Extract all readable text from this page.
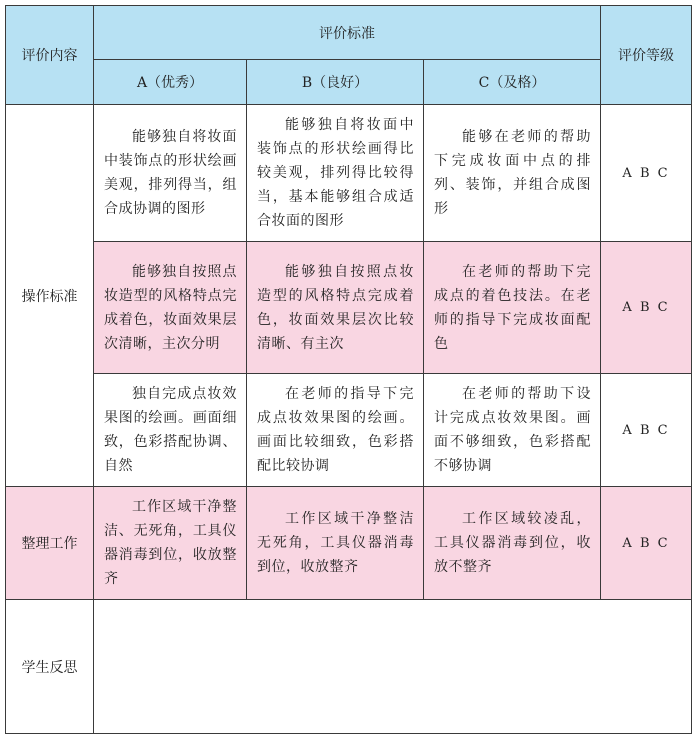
评价内容	评价标准			评价等级
	A（优秀）	B（良好）	C（及格）	
操作标准	能够独自将妆面中装饰点的形状绘画美观，排列得当，组合成协调的图形	能够独自将妆面中装饰点的形状绘画得比较美观，排列得比较得当，基本能够组合成适合妆面的图形	能够在老师的帮助下完成妆面中点的排列、装饰，并组合成图形	A B C
	能够独自按照点妆造型的风格特点完成着色，妆面效果层次清晰，主次分明	能够独自按照点妆造型的风格特点完成着色，妆面效果层次比较清晰、有主次	在老师的帮助下完成点的着色技法。在老师的指导下完成妆面配色	A B C
	独自完成点妆效果图的绘画。画面细致，色彩搭配协调、自然	在老师的指导下完成点妆效果图的绘画。画面比较细致，色彩搭配比较协调	在老师的帮助下设计完成点妆效果图。画面不够细致，色彩搭配不够协调	A B C
整理工作	工作区域干净整洁、无死角，工具仪器消毒到位，收放整齐	工作区域干净整洁无死角，工具仪器消毒到位，收放整齐	工作区域较凌乱，工具仪器消毒到位，收放不整齐	A B C
学生反思				
